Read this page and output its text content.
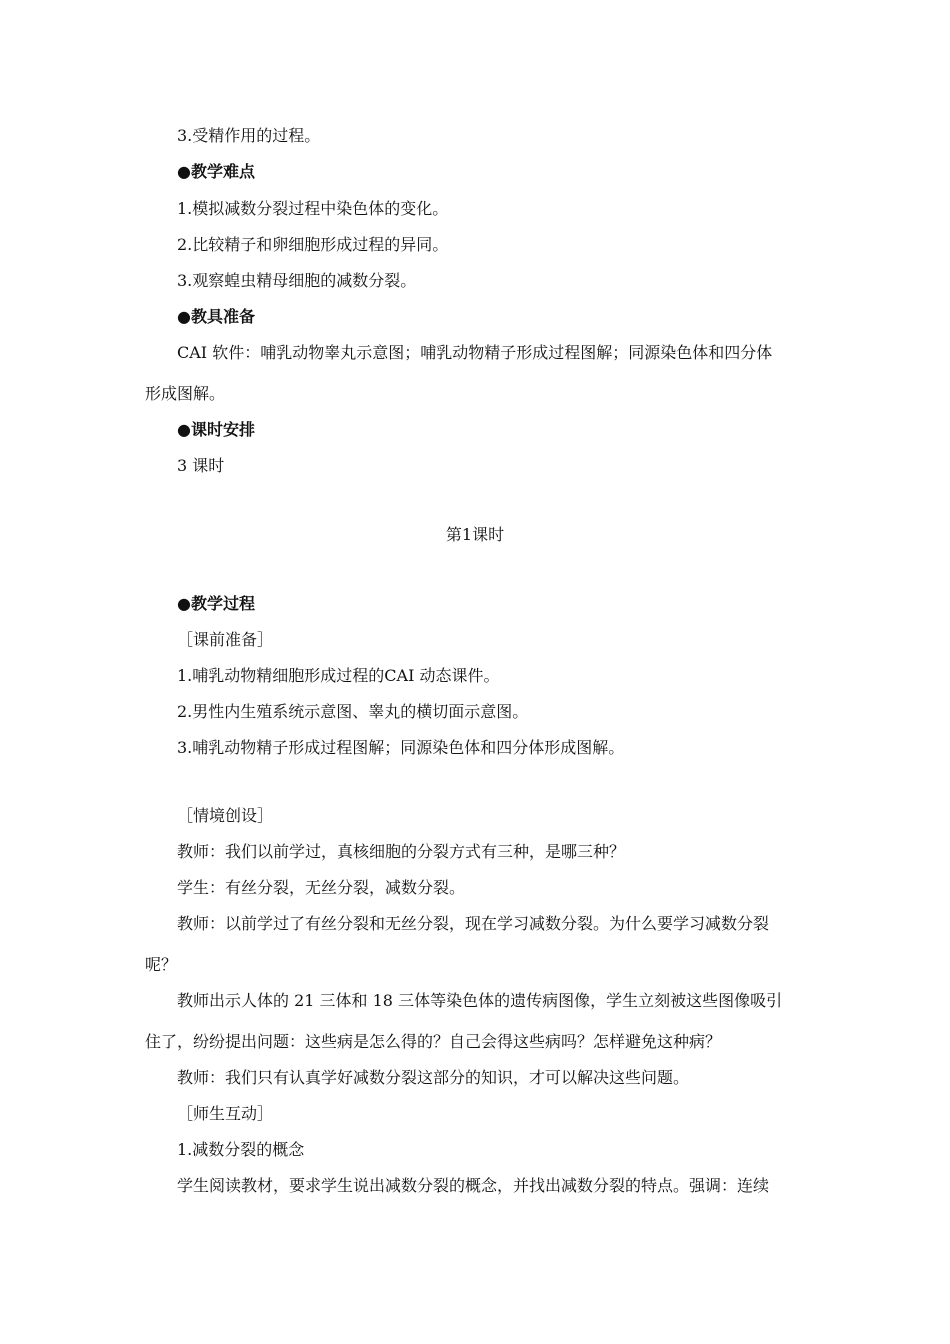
3.受精作用的过程。
● 教学难点
1.模拟减数分裂过程中染色体的变化。
2.比较精子和卵细胞形成过程的异同。
3.观察蝗虫精母细胞的减数分裂。
● 教具准备
CAI 软件：哺乳动物睾丸示意图；哺乳动物精子形成过程图解；同源染色体和四分体
形成图解。
● 课时安排
3 课时
第1课时
● 教学过程
［课前准备］
1.哺乳动物精细胞形成过程的CAI 动态课件。
2.男性内生殖系统示意图、睾丸的横切面示意图。
3.哺乳动物精子形成过程图解；同源染色体和四分体形成图解。
［情境创设］
教师：我们以前学过，真核细胞的分裂方式有三种，是哪三种？
学生：有丝分裂，无丝分裂，减数分裂。
教师：以前学过了有丝分裂和无丝分裂，现在学习减数分裂。为什么要学习减数分裂
呢？
教师出示人体的 21 三体和 18 三体等染色体的遗传病图像，学生立刻被这些图像吸引
住了，纷纷提出问题：这些病是怎么得的？自己会得这些病吗？怎样避免这种病？
教师：我们只有认真学好减数分裂这部分的知识，才可以解决这些问题。
［师生互动］
1.减数分裂的概念
学生阅读教材，要求学生说出减数分裂的概念，并找出减数分裂的特点。强调：连续
